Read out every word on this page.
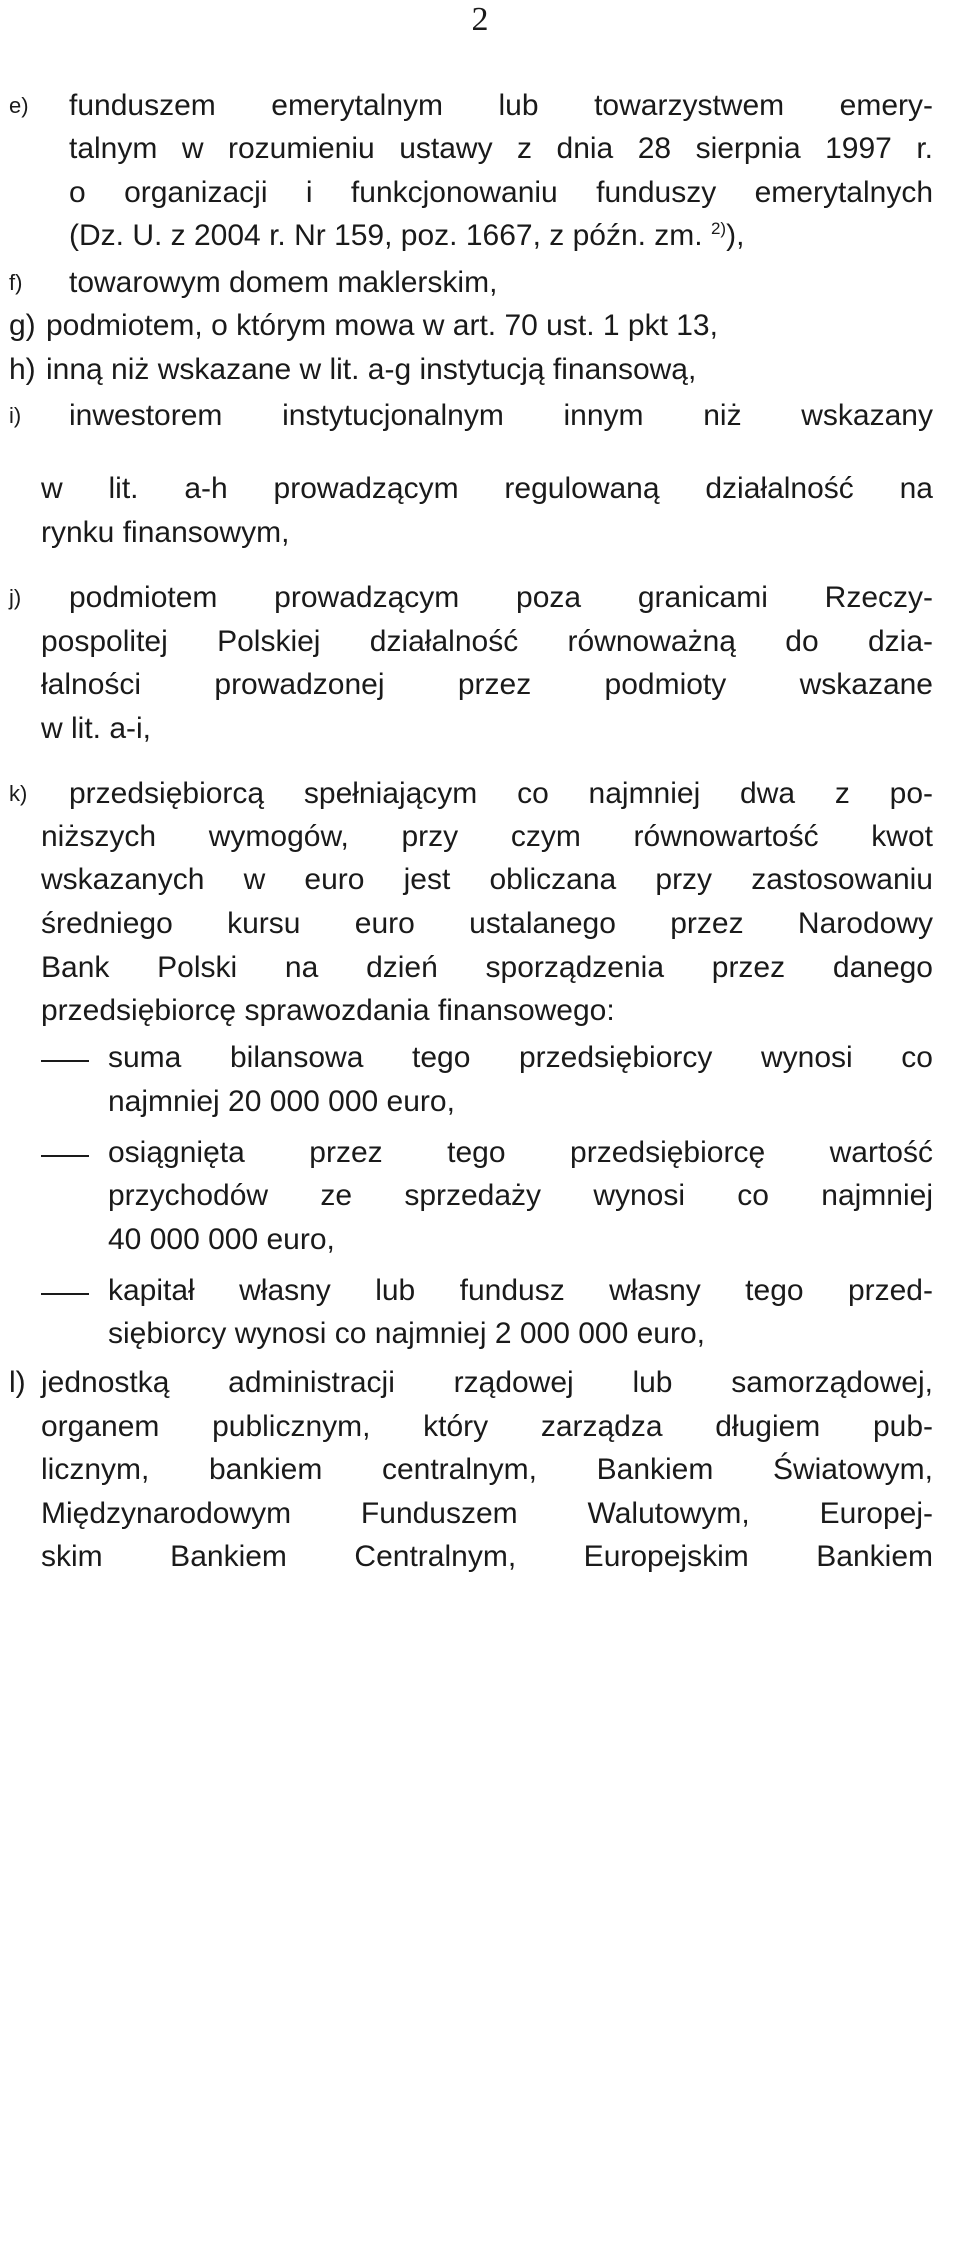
2
e) funduszem emerytalnym lub towarzystwem emery-
talnym w rozumieniu ustawy z dnia 28 sierpnia 1997 r.
o organizacji i funkcjonowaniu funduszy emerytalnych
(Dz. U. z 2004 r. Nr 159, poz. 1667, z późn. zm. $^{2)}$),
f) towarowym domem maklerskim,
g) podmiotem, o którym mowa w art. 70 ust. 1 pkt 13,
h) inną niż wskazane w lit. a-g instytucją finansową,
i) inwestorem instytucjonalnym innym niż wskazany
w lit. a-h prowadzącym regulowaną działalność na
rynku finansowym,
j) podmiotem prowadzącym poza granicami Rzeczy-
pospolitej Polskiej działalność równoważną do dzia-
łalności prowadzonej przez podmioty wskazane
w lit. a-i,
k) przedsiębiorcą spełniającym co najmniej dwa z po-
niższych wymogów, przy czym równowartość kwot
wskazanych w euro jest obliczana przy zastosowaniu
średniego kursu euro ustalanego przez Narodowy
Bank Polski na dzień sporządzenia przez danego
przedsiębiorcę sprawozdania finansowego:
suma bilansowa tego przedsiębiorcy wynosi co
najmniej 20 000 000 euro,
osiągnięta przez tego przedsiębiorcę wartość
przychodów ze sprzedaży wynosi co najmniej
40 000 000 euro,
kapitał własny lub fundusz własny tego przed-
siębiorcy wynosi co najmniej 2 000 000 euro,
l) jednostką administracji rządowej lub samorządowej,
organem publicznym, który zarządza długiem pub-
licznym, bankiem centralnym, Bankiem Światowym,
Międzynarodowym Funduszem Walutowym, Europej-
skim Bankiem Centralnym, Europejskim Bankiem
